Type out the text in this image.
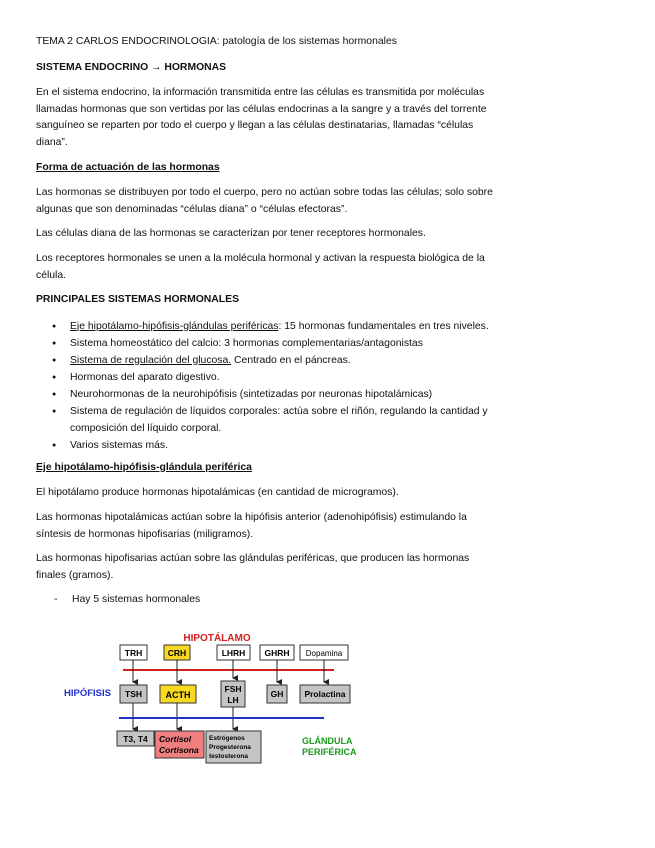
TEMA 2 CARLOS ENDOCRINOLOGIA: patología de los sistemas hormonales

SISTEMA ENDOCRINO → HORMONAS

En el sistema endocrino, la información transmitida entre las células es transmitida por moléculas

llamadas hormonas que son vertidas por las células endocrinas a la sangre y a través del torrente

sanguíneo se reparten por todo el cuerpo y llegan a las células destinatarias, llamadas “células

diana”.

Forma de actuación de las hormonas

Las hormonas se distribuyen por todo el cuerpo, pero no actúan sobre todas las células; solo sobre

algunas que son denominadas “células diana” o “células efectoras”.

Las células diana de las hormonas se caracterizan por tener receptores hormonales.

Los receptores hormonales se unen a la molécula hormonal y activan la respuesta biológica de la

célula.

PRINCIPALES SISTEMAS HORMONALES

● Eje hipotálamo-hipófisis-glándulas periféricas: 15 hormonas fundamentales en tres niveles.
● Sistema homeostático del calcio: 3 hormonas complementarias/antagonistas
● Sistema de regulación del glucosa. Centrado en el páncreas.
● Hormonas del aparato digestivo.
● Neurohormonas de la neurohipófisis (sintetizadas por neuronas hipotalámicas)
● Sistema de regulación de líquidos corporales: actúa sobre el riñón, regulando la cantidad y
composición del líquido corporal.
● Varios sistemas más.

Eje hipotálamo-hipófisis-glándula periférica

El hipotálamo produce hormonas hipotalámicas (en cantidad de microgramos).

Las hormonas hipotalámicas actúan sobre la hipófisis anterior (adenohipófisis) estimulando la

síntesis de hormonas hipofisarias (miligramos).

Las hormonas hipofisarias actúan sobre las glándulas periféricas, que producen las hormonas

finales (gramos).

- Hay 5 sistemas hormonales
HIPOTÁLAMO
TRH	CRH	LHRH GHRH Dopamina
HIPÓFISIS TSH	ACTH
FSH
LH
GH Prolactina
T3, T4 Cortisol
Cortisona
Estrógenos
Progesterona
testosterona
GLÁNDULA
PERIFÉRICA
